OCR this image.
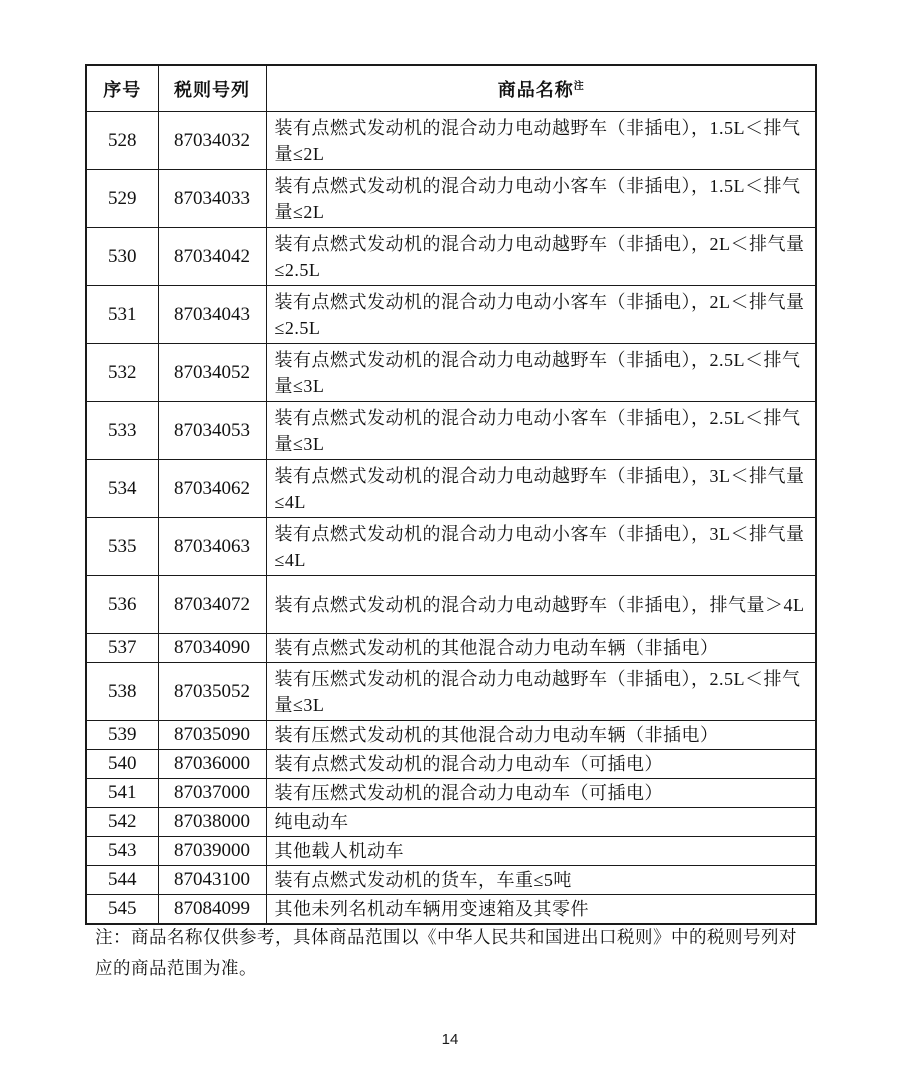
序号	税则号列	商品名称$^注$
528	87034032	装有点燃式发动机的混合动力电动越野车（非插电），1.5L＜排气量≤2L
529	87034033	装有点燃式发动机的混合动力电动小客车（非插电），1.5L＜排气量≤2L
530	87034042	装有点燃式发动机的混合动力电动越野车（非插电），2L＜排气量≤2.5L
531	87034043	装有点燃式发动机的混合动力电动小客车（非插电），2L＜排气量≤2.5L
532	87034052	装有点燃式发动机的混合动力电动越野车（非插电），2.5L＜排气量≤3L
533	87034053	装有点燃式发动机的混合动力电动小客车（非插电），2.5L＜排气量≤3L
534	87034062	装有点燃式发动机的混合动力电动越野车（非插电），3L＜排气量≤4L
535	87034063	装有点燃式发动机的混合动力电动小客车（非插电），3L＜排气量≤4L
536	87034072	装有点燃式发动机的混合动力电动越野车（非插电），排气量＞4L
537	87034090	装有点燃式发动机的其他混合动力电动车辆（非插电）
538	87035052	装有压燃式发动机的混合动力电动越野车（非插电），2.5L＜排气量≤3L
539	87035090	装有压燃式发动机的其他混合动力电动车辆（非插电）
540	87036000	装有点燃式发动机的混合动力电动车（可插电）
541	87037000	装有压燃式发动机的混合动力电动车（可插电）
542	87038000	纯电动车
543	87039000	其他载人机动车
544	87043100	装有点燃式发动机的货车，车重≤5吨
545	87084099	其他未列名机动车辆用变速箱及其零件
注：商品名称仅供参考，具体商品范围以《中华人民共和国进出口税则》中的税则号列对应的商品范围为准。
14
